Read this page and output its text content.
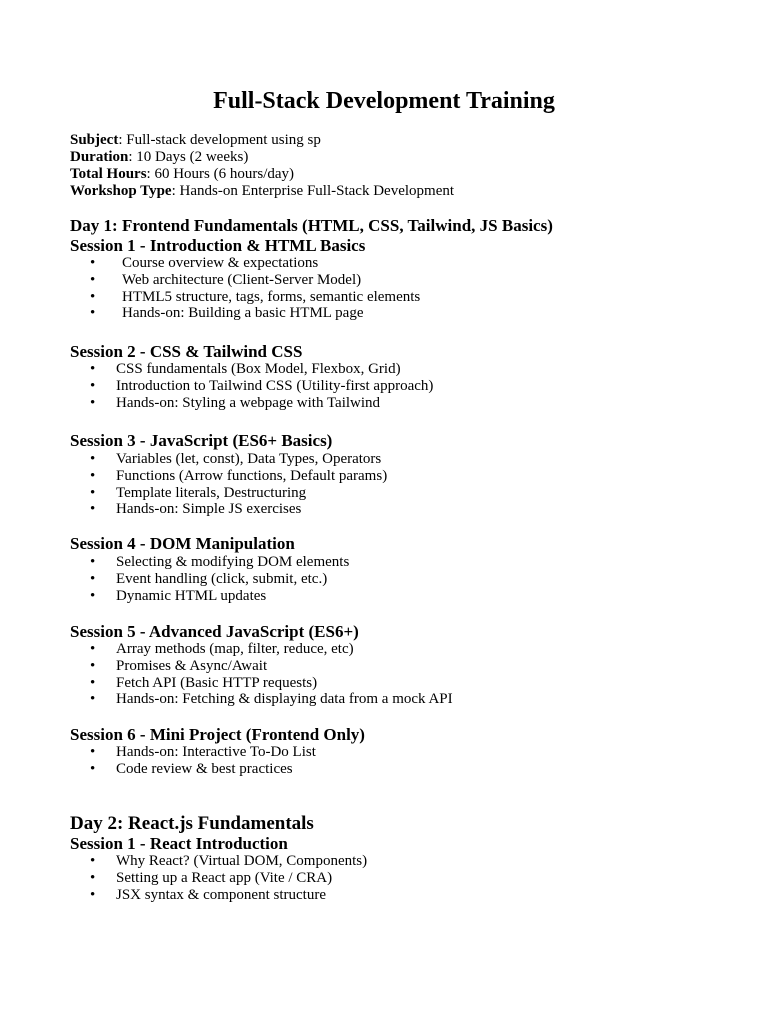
Full-Stack Development Training
Subject: Full-stack development using sp
Duration: 10 Days (2 weeks)
Total Hours: 60 Hours (6 hours/day)
Workshop Type: Hands-on Enterprise Full-Stack Development
Day 1: Frontend Fundamentals (HTML, CSS, Tailwind, JS Basics)
Session 1 - Introduction & HTML Basics
•	Course overview & expectations
•	Web architecture (Client-Server Model)
•	HTML5 structure, tags, forms, semantic elements
•	Hands-on: Building a basic HTML page
Session 2 - CSS & Tailwind CSS
•	CSS fundamentals (Box Model, Flexbox, Grid)
•	Introduction to Tailwind CSS (Utility-first approach)
•	Hands-on: Styling a webpage with Tailwind
Session 3 - JavaScript (ES6+ Basics)
•	Variables (let, const), Data Types, Operators
•	Functions (Arrow functions, Default params)
•	Template literals, Destructuring
•	Hands-on: Simple JS exercises
Session 4 - DOM Manipulation
•	Selecting & modifying DOM elements
•	Event handling (click, submit, etc.)
•	Dynamic HTML updates
Session 5 - Advanced JavaScript (ES6+)
•	Array methods (map, filter, reduce, etc)
•	Promises & Async/Await
•	Fetch API (Basic HTTP requests)
•	Hands-on: Fetching & displaying data from a mock API
Session 6 - Mini Project (Frontend Only)
•	Hands-on: Interactive To-Do List
•	Code review & best practices
Day 2: React.js Fundamentals
Session 1 - React Introduction
•	Why React? (Virtual DOM, Components)
•	Setting up a React app (Vite / CRA)
•	JSX syntax & component structure
